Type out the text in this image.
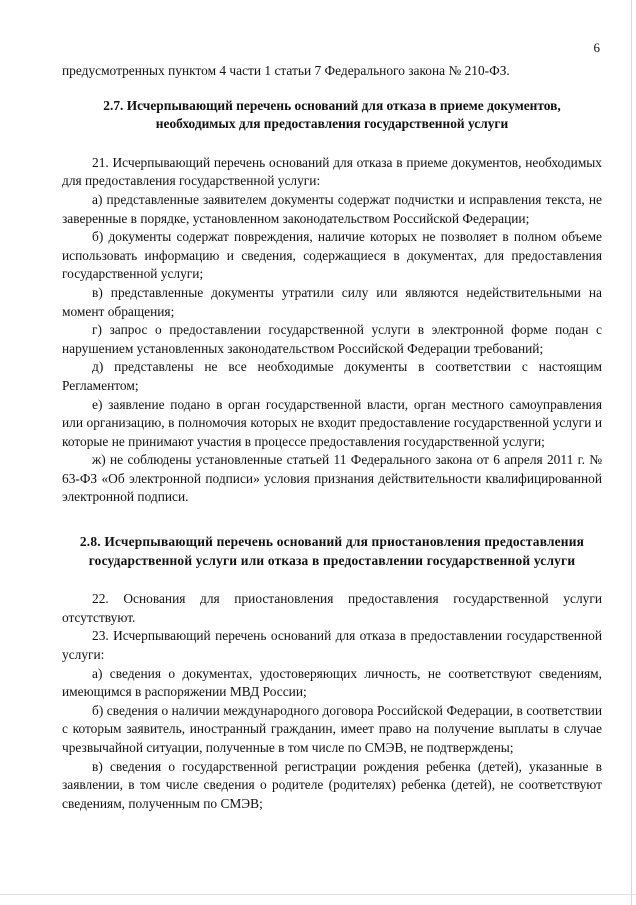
6

предусмотренных пунктом 4 части 1 статьи 7 Федерального закона № 210-ФЗ.

2.7. Исчерпывающий перечень оснований для отказа в приеме документов, необходимых для предоставления государственной услуги

21. Исчерпывающий перечень оснований для отказа в приеме документов, необходимых для предоставления государственной услуги:

а) представленные заявителем документы содержат подчистки и исправления текста, не заверенные в порядке, установленном законодательством Российской Федерации;

б) документы содержат повреждения, наличие которых не позволяет в полном объеме использовать информацию и сведения, содержащиеся в документах, для предоставления государственной услуги;

в) представленные документы утратили силу или являются недействительными на момент обращения;

г) запрос о предоставлении государственной услуги в электронной форме подан с нарушением установленных законодательством Российской Федерации требований;

д) представлены не все необходимые документы в соответствии с настоящим Регламентом;

е) заявление подано в орган государственной власти, орган местного самоуправления или организацию, в полномочия которых не входит предоставление государственной услуги и которые не принимают участия в процессе предоставления государственной услуги;

ж) не соблюдены установленные статьей 11 Федерального закона от 6 апреля 2011 г. № 63-ФЗ «Об электронной подписи» условия признания действительности квалифицированной электронной подписи.

2.8. Исчерпывающий перечень оснований для приостановления предоставления государственной услуги или отказа в предоставлении государственной услуги

22. Основания для приостановления предоставления государственной услуги отсутствуют.

23. Исчерпывающий перечень оснований для отказа в предоставлении государственной услуги:

а) сведения о документах, удостоверяющих личность, не соответствуют сведениям, имеющимся в распоряжении МВД России;

б) сведения о наличии международного договора Российской Федерации, в соответствии с которым заявитель, иностранный гражданин, имеет право на получение выплаты в случае чрезвычайной ситуации, полученные в том числе по СМЭВ, не подтверждены;

в) сведения о государственной регистрации рождения ребенка (детей), указанные в заявлении, в том числе сведения о родителе (родителях) ребенка (детей), не соответствуют сведениям, полученным по СМЭВ;
